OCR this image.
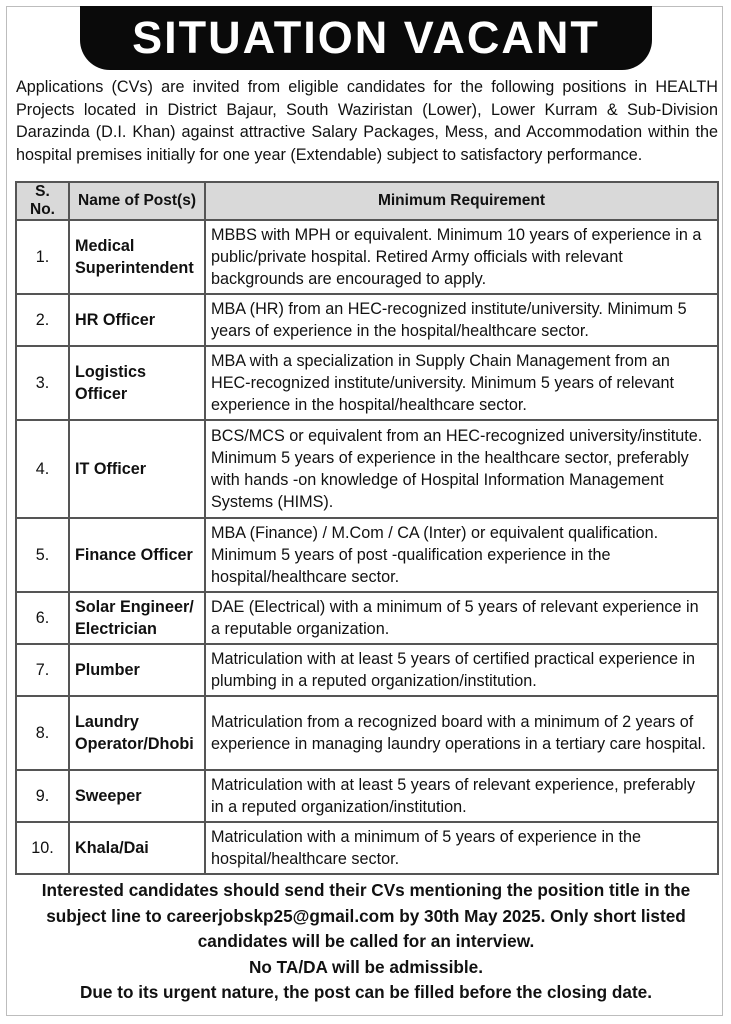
SITUATION VACANT
Applications (CVs) are invited from eligible candidates for the following positions in HEALTH Projects located in District Bajaur, South Waziristan (Lower), Lower Kurram & Sub-Division Darazinda (D.I. Khan) against attractive Salary Packages, Mess, and Accommodation within the hospital premises initially for one year (Extendable) subject to satisfactory performance.
S. No.	Name of Post(s)	Minimum Requirement
1.	Medical Superintendent	MBBS with MPH or equivalent. Minimum 10 years of experience in a public/private hospital. Retired Army officials with relevant backgrounds are encouraged to apply.
2.	HR Officer	MBA (HR) from an HEC-recognized institute/university. Minimum 5 years of experience in the hospital/healthcare sector.
3.	Logistics Officer	MBA with a specialization in Supply Chain Management from an HEC-recognized institute/university. Minimum 5 years of relevant experience in the hospital/healthcare sector.
4.	IT Officer	BCS/MCS or equivalent from an HEC-recognized university/institute. Minimum 5 years of experience in the healthcare sector, preferably with hands -on knowledge of Hospital Information Management Systems (HIMS).
5.	Finance Officer	MBA (Finance) / M.Com / CA (Inter) or equivalent qualification. Minimum 5 years of post -qualification experience in the hospital/healthcare sector.
6.	Solar Engineer/ Electrician	DAE (Electrical) with a minimum of 5 years of relevant experience in a reputable organization.
7.	Plumber	Matriculation with at least 5 years of certified practical experience in plumbing in a reputed organization/institution.
8.	Laundry Operator/Dhobi	Matriculation from a recognized board with a minimum of 2 years of experience in managing laundry operations in a tertiary care hospital.
9.	Sweeper	Matriculation with at least 5 years of relevant experience, preferably in a reputed organization/institution.
10.	Khala/Dai	Matriculation with a minimum of 5 years of experience in the hospital/healthcare sector.

Interested candidates should send their CVs mentioning the position title in the subject line to careerjobskp25@gmail.com by 30th May 2025. Only short listed candidates will be called for an interview.

No TA/DA will be admissible.

Due to its urgent nature, the post can be filled before the closing date.
